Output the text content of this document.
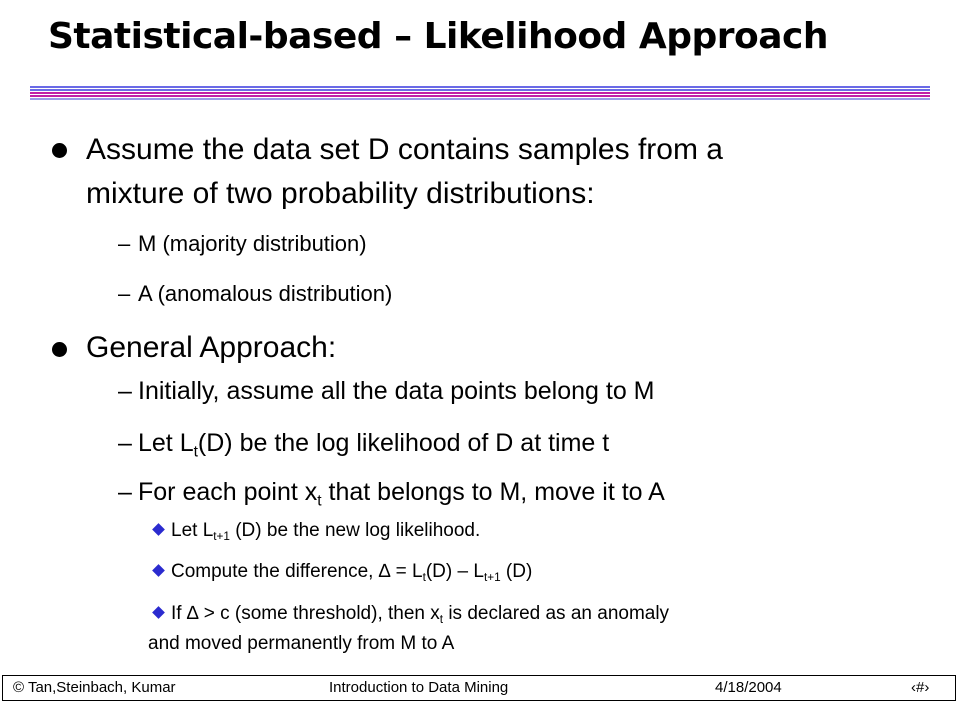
Statistical-based – Likelihood Approach
Assume the data set D contains samples from a
mixture of two probability distributions:
– M (majority distribution)
– A (anomalous distribution)
General Approach:
– Initially, assume all the data points belong to M
– Let $L_t(D)$ be the log likelihood of D at time t
– For each point $x_t$ that belongs to M, move it to A
Let $L_{t+1}$ (D) be the new log likelihood.
Compute the difference, ∆ = $L_t(D) - L_{t+1}$ (D)
If ∆ > c (some threshold), then $x_t$ is declared as an anomaly
and moved permanently from M to A
© Tan,Steinbach, Kumar	Introduction to Data Mining	4/18/2004	‹#›
